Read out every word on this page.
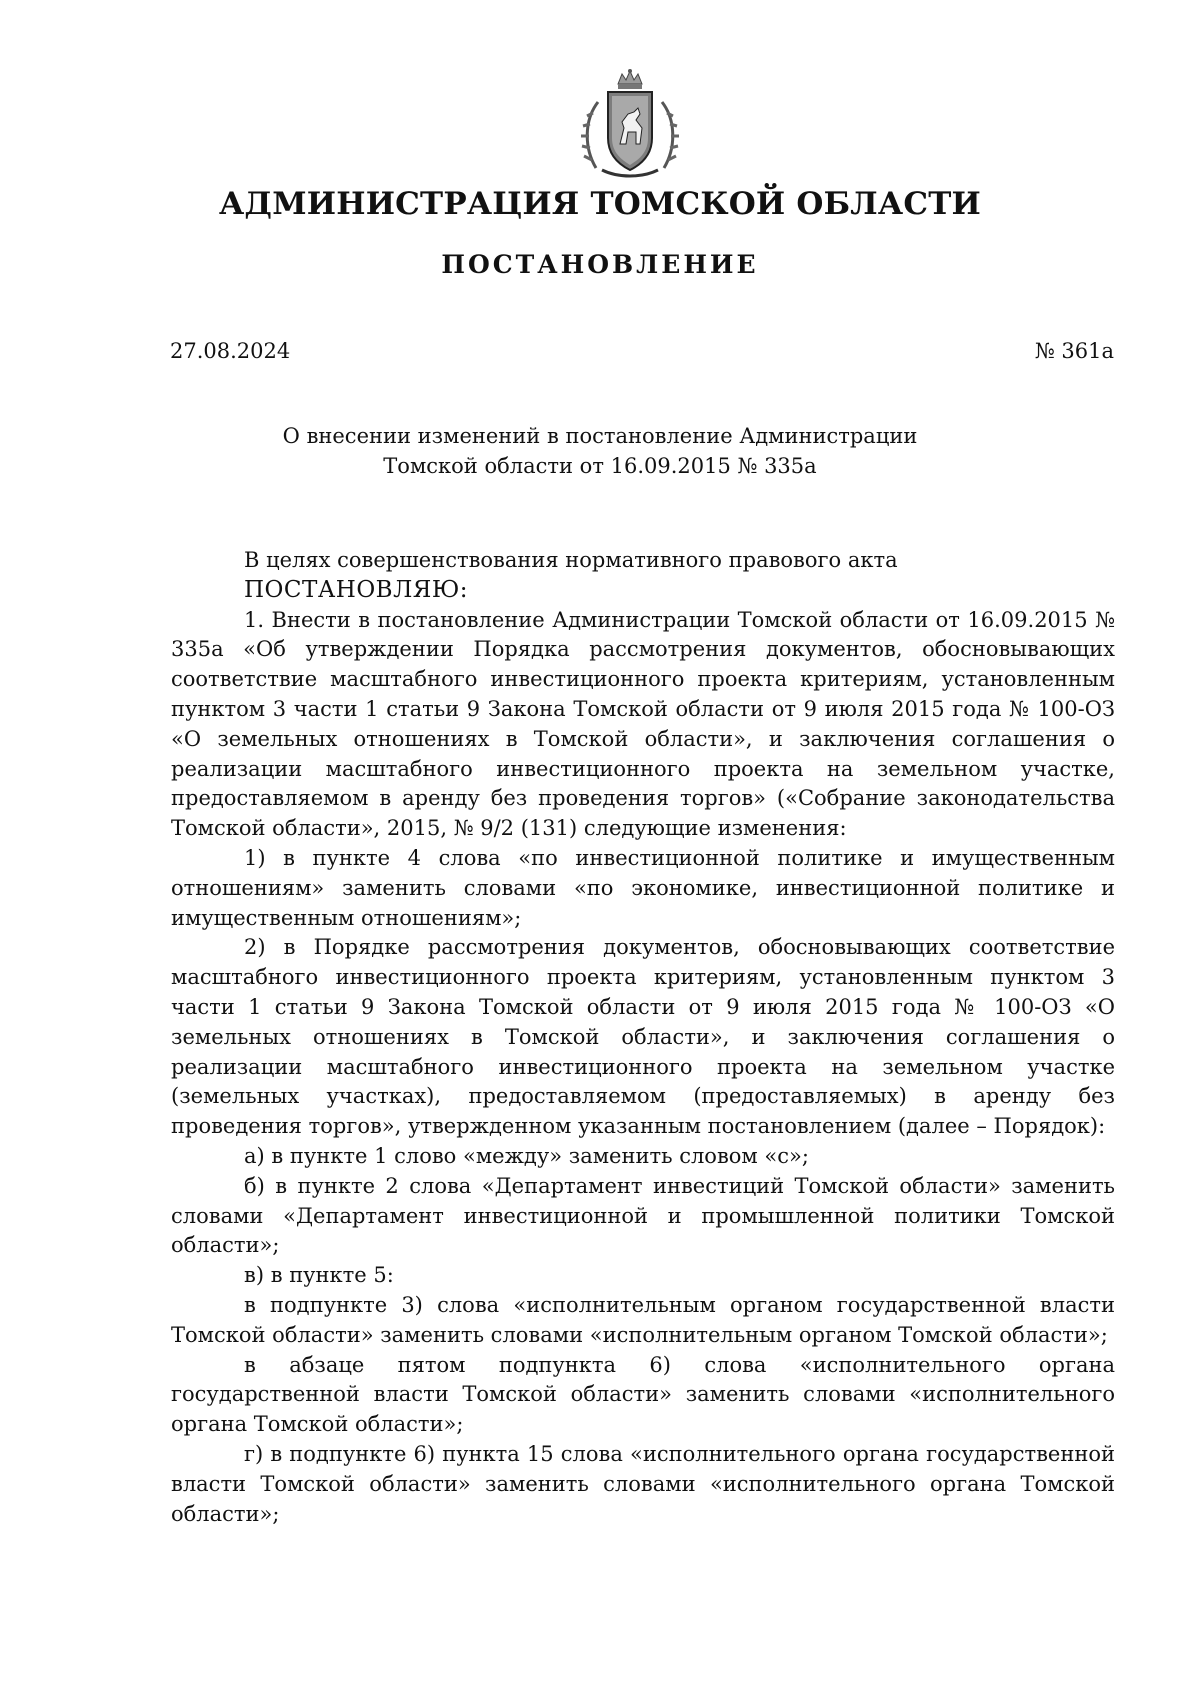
АДМИНИСТРАЦИЯ ТОМСКОЙ ОБЛАСТИ
ПОСТАНОВЛЕНИЕ
27.08.2024	№ 361а
О внесении изменений в постановление Администрации
Томской области от 16.09.2015 № 335а

В целях совершенствования нормативного правового акта

ПОСТАНОВЛЯЮ:

1. Внести в постановление Администрации Томской области от 16.09.2015 № 335а «Об утверждении Порядка рассмотрения документов, обосновывающих соответствие масштабного инвестиционного проекта критериям, установленным пунктом 3 части 1 статьи 9 Закона Томской области от 9 июля 2015 года № 100-ОЗ «О земельных отношениях в Томской области», и заключения соглашения о реализации масштабного инвестиционного проекта на земельном участке, предоставляемом в аренду без проведения торгов» («Собрание законодательства Томской области», 2015, № 9/2 (131) следующие изменения:

1) в пункте 4 слова «по инвестиционной политике и имущественным отношениям» заменить словами «по экономике, инвестиционной политике и имущественным отношениям»;

2) в Порядке рассмотрения документов, обосновывающих соответствие масштабного инвестиционного проекта критериям, установленным пунктом 3 части 1 статьи 9 Закона Томской области от 9 июля 2015 года № 100-ОЗ «О земельных отношениях в Томской области», и заключения соглашения о реализации масштабного инвестиционного проекта на земельном участке (земельных участках), предоставляемом (предоставляемых) в аренду без проведения торгов», утвержденном указанным постановлением (далее – Порядок):

а) в пункте 1 слово «между» заменить словом «с»;

б) в пункте 2 слова «Департамент инвестиций Томской области» заменить словами «Департамент инвестиционной и промышленной политики Томской области»;

в) в пункте 5:

в подпункте 3) слова «исполнительным органом государственной власти Томской области» заменить словами «исполнительным органом Томской области»;

в абзаце пятом подпункта 6) слова «исполнительного органа государственной власти Томской области» заменить словами «исполнительного органа Томской области»;

г) в подпункте 6) пункта 15 слова «исполнительного органа государственной власти Томской области» заменить словами «исполнительного органа Томской области»;
